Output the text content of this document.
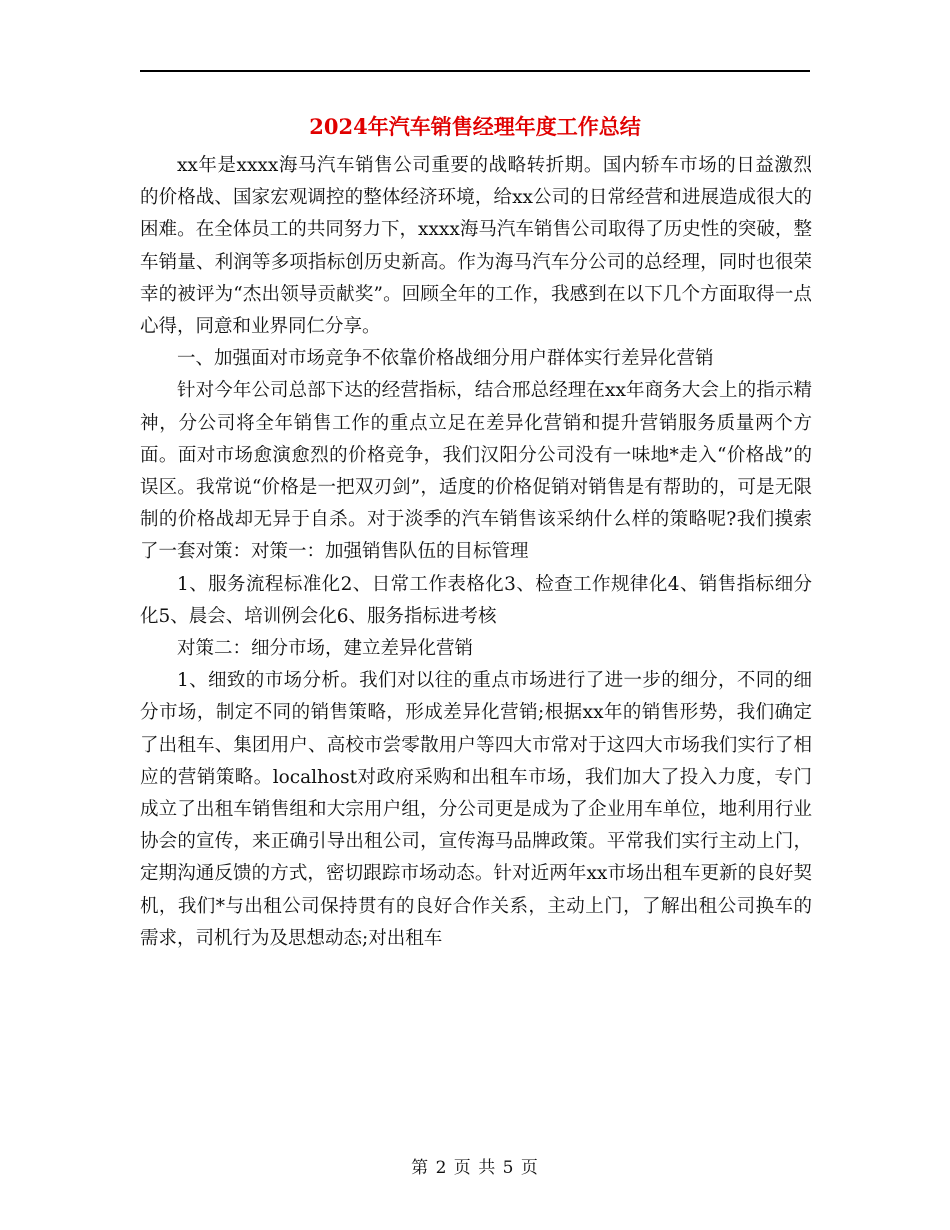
2024年汽车销售经理年度工作总结

xx年是xxxx海马汽车销售公司重要的战略转折期。国内轿车市场的日益激烈的价格战、国家宏观调控的整体经济环境，给xx公司的日常经营和进展造成很大的困难。在全体员工的共同努力下，xxxx海马汽车销售公司取得了历史性的突破，整车销量、利润等多项指标创历史新高。作为海马汽车分公司的总经理，同时也很荣幸的被评为“杰出领导贡献奖”。回顾全年的工作，我感到在以下几个方面取得一点心得，同意和业界同仁分享。

一、加强面对市场竞争不依靠价格战细分用户群体实行差异化营销

针对今年公司总部下达的经营指标，结合邢总经理在xx年商务大会上的指示精神，分公司将全年销售工作的重点立足在差异化营销和提升营销服务质量两个方面。面对市场愈演愈烈的价格竞争，我们汉阳分公司没有一味地*走入“价格战”的误区。我常说“价格是一把双刃剑”，适度的价格促销对销售是有帮助的，可是无限制的价格战却无异于自杀。对于淡季的汽车销售该采纳什么样的策略呢?我们摸索了一套对策：对策一：加强销售队伍的目标管理

1、服务流程标准化2、日常工作表格化3、检查工作规律化4、销售指标细分化5、晨会、培训例会化6、服务指标进考核

对策二：细分市场，建立差异化营销

1、细致的市场分析。我们对以往的重点市场进行了进一步的细分，不同的细分市场，制定不同的销售策略，形成差异化营销;根据xx年的销售形势，我们确定了出租车、集团用户、高校市尝零散用户等四大市常对于这四大市场我们实行了相应的营销策略。localhost对政府采购和出租车市场，我们加大了投入力度，专门成立了出租车销售组和大宗用户组，分公司更是成为了企业用车单位，地利用行业协会的宣传，来正确引导出租公司，宣传海马品牌政策。平常我们实行主动上门，定期沟通反馈的方式，密切跟踪市场动态。针对近两年xx市场出租车更新的良好契机，我们*与出租公司保持贯有的良好合作关系，主动上门，了解出租公司换车的需求，司机行为及思想动态;对出租车

第 2 页 共 5 页
